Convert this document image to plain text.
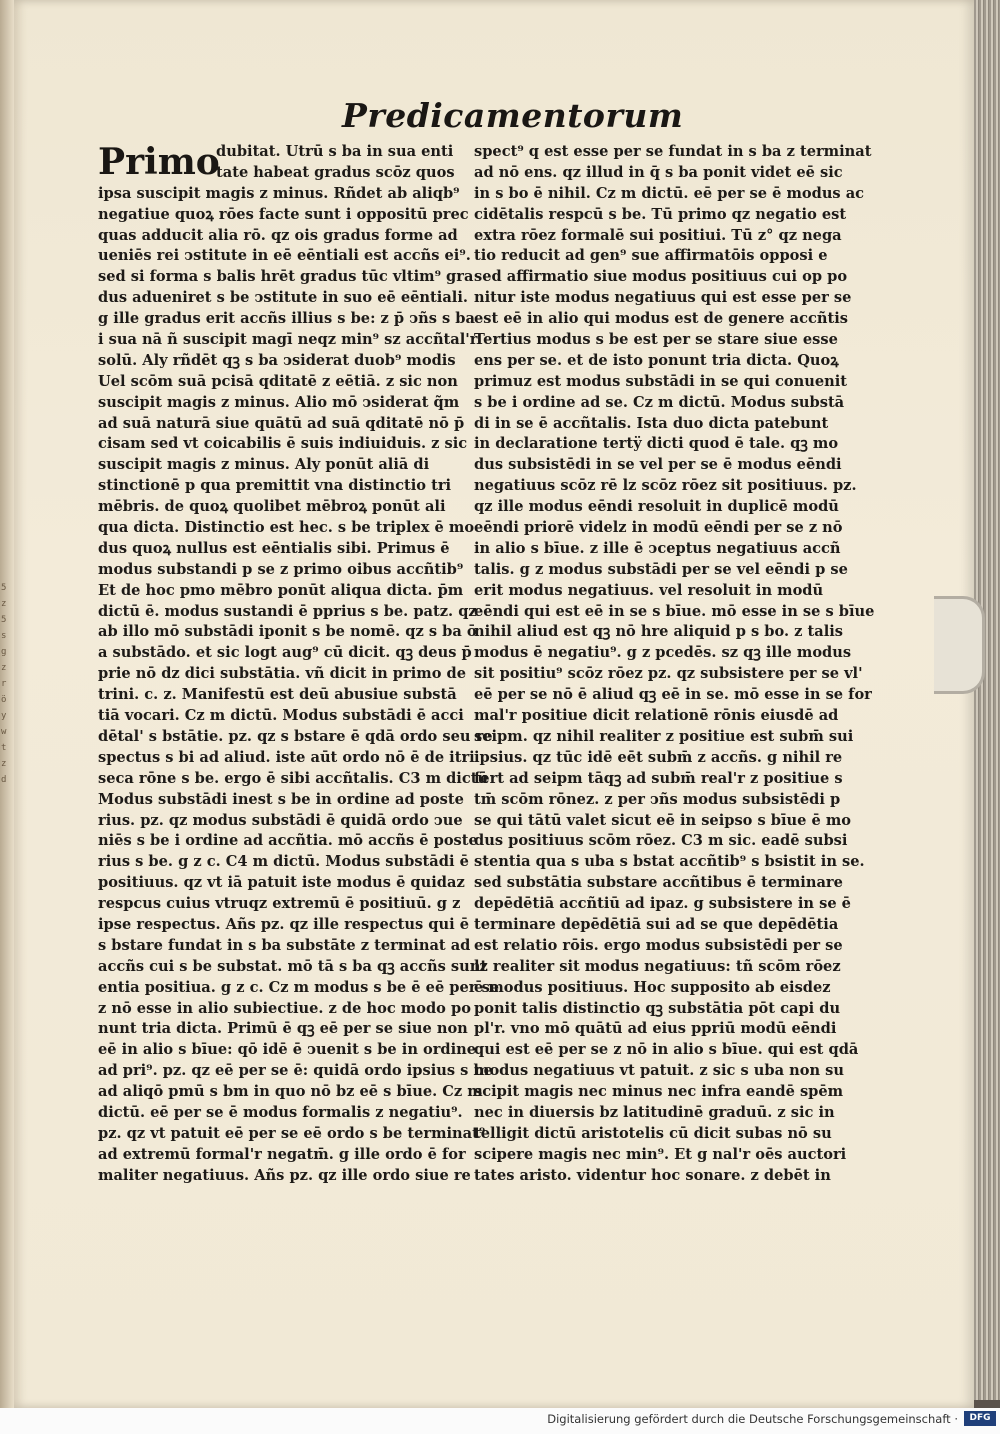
5
z
5
s
g
z
r
ö
y
w
t
z
d
Predicamentorum
Primo
dubitat. Utrū s ba in sua enti
tate habeat gradus scōz quos
ipsa suscipit magis z minus. Rñdet ab aliqb⁹
negatiue quoꝝ rōes facte sunt i oppositū prec
quas adducit alia rō. qz ois gradus forme ad
ueniēs rei ↄstitute in eē eēntiali est accñs ei⁹.
sed si forma s balis hrēt gradus tūc vltim⁹ gra
dus adueniret s be ↄstitute in suo eē eēntiali.
g ille gradus erit accñs illius s be: z p̄ ↄñs s ba
i sua nā ñ suscipit magī neqz min⁹ sz accñtal'r
solū. Aly rñdēt qꝫ s ba ↄsiderat duob⁹ modis
Uel scōm suā pcisā qditatē z eētiā. z sic non
suscipit magis z minus. Alio mō ↄsiderat q̃m
ad suā naturā siue quātū ad suā qditatē nō p̄
cisam sed vt coicabilis ē suis indiuiduis. z sic
suscipit magis z minus. Aly ponūt aliā di
stinctionē p qua premittit vna distinctio tri
mēbris. de quoꝝ quolibet mēbroꝝ ponūt ali
qua dicta. Distinctio est hec. s be triplex ē mo
dus quoꝝ nullus est eēntialis sibi. Primus ē
modus substandi p se z primo oibus accñtib⁹
Et de hoc pmo mēbro ponūt aliqua dicta. p̄m
dictū ē. modus sustandi ē pprius s be. patz. qz
ab illo mō substādi iponit s be nomē. qz s ba ō
a substādo. et sic logt aug⁹ cū dicit. qꝫ deus p̄
prie nō dz dici substātia. vñ dicit in primo de
trini. c. z. Manifestū est deū abusiue substā
tiā vocari. Cz m dictū. Modus substādi ē acci
dētal' s bstātie. pz. qz s bstare ē qdā ordo seu re
spectus s bi ad aliud. iste aūt ordo nō ē de itri
seca rōne s be. ergo ē sibi accñtalis. C3 m dictū
Modus substādi inest s be in ordine ad poste
rius. pz. qz modus substādi ē quidā ordo ↄue
niēs s be i ordine ad accñtia. mō accñs ē poste
rius s be. g z c. C4 m dictū. Modus substādi ē
positiuus. qz vt iā patuit iste modus ē quidaz
respcus cuius vtruqz extremū ē positiuū. g z
ipse respectus. Añs pz. qz ille respectus qui ē
s bstare fundat in s ba substāte z terminat ad
accñs cui s be substat. mō tā s ba qꝫ accñs sunt
entia positiua. g z c. Cz m modus s be ē eē per se
z nō esse in alio subiectiue. z de hoc modo po
nunt tria dicta. Primū ē qꝫ eē per se siue non
eē in alio s bīue: qō idē ē ↄuenit s be in ordine
ad pri⁹. pz. qz eē per se ē: quidā ordo ipsius s be
ad aliqō pmū s bm in quo nō bz eē s bīue. Cz m
dictū. eē per se ē modus formalis z negatiu⁹.
pz. qz vt patuit eē per se eē ordo s be terminat⁹
ad extremū formal'r negatm̄. g ille ordo ē for
maliter negatiuus. Añs pz. qz ille ordo siue re
spect⁹ q est esse per se fundat in s ba z terminat
ad nō ens. qz illud in q̄ s ba ponit videt eē sic
in s bo ē nihil. Cz m dictū. eē per se ē modus ac
cidētalis respcū s be. Tū primo qz negatio est
extra rōez formalē sui positiui. Tū z° qz nega
tio reducit ad gen⁹ sue affirmatōis opposi e
sed affirmatio siue modus positiuus cui op po
nitur iste modus negatiuus qui est esse per se
est eē in alio qui modus est de genere accñtis
Tertius modus s be est per se stare siue esse
ens per se. et de isto ponunt tria dicta. Quoꝝ
primuz est modus substādi in se qui conuenit
s be i ordine ad se. Cz m dictū. Modus substā
di in se ē accñtalis. Ista duo dicta patebunt
in declaratione tertÿ dicti quod ē tale. qꝫ mo
dus subsistēdi in se vel per se ē modus eēndi
negatiuus scōz rē lz scōz rōez sit positiuus. pz.
qz ille modus eēndi resoluit in duplicē modū
eēndi priorē videlz in modū eēndi per se z nō
in alio s bīue. z ille ē ↄceptus negatiuus accñ
talis. g z modus substādi per se vel eēndi p se
erit modus negatiuus. vel resoluit in modū
eēndi qui est eē in se s bīue. mō esse in se s bīue
nihil aliud est qꝫ nō hre aliquid p s bo. z talis
modus ē negatiu⁹. g z pcedēs. sz qꝫ ille modus
sit positiu⁹ scōz rōez pz. qz subsistere per se vl'
eē per se nō ē aliud qꝫ eē in se. mō esse in se for
mal'r positiue dicit relationē rōnis eiusdē ad
seipm. qz nihil realiter z positiue est subm̄ sui
ipsius. qz tūc idē eēt subm̄ z accñs. g nihil re
fert ad seipm tāqꝫ ad subm̄ real'r z positiue s
tm̄ scōm rōnez. z per ↄñs modus subsistēdi p
se qui tātū valet sicut eē in seipso s bīue ē mo
dus positiuus scōm rōez. C3 m sic. eadē subsi
stentia qua s uba s bstat accñtib⁹ s bsistit in se.
sed substātia substare accñtibus ē terminare
depēdētiā accñtiū ad ipaz. g subsistere in se ē
terminare depēdētiā sui ad se que depēdētia
est relatio rōis. ergo modus subsistēdi per se
lz realiter sit modus negatiuus: tñ scōm rōez
ē modus positiuus. Hoc supposito ab eisdez
ponit talis distinctio qꝫ substātia pōt capi du
pl'r. vno mō quātū ad eius ppriū modū eēndi
qui est eē per se z nō in alio s bīue. qui est qdā
modus negatiuus vt patuit. z sic s uba non su
scipit magis nec minus nec infra eandē spēm
nec in diuersis bz latitudinē graduū. z sic in
telligit dictū aristotelis cū dicit subas nō su
scipere magis nec min⁹. Et g nal'r oēs auctori
tates aristo. videntur hoc sonare. z debēt in
Digitalisierung gefördert durch die Deutsche Forschungsgemeinschaft ·	DFG
